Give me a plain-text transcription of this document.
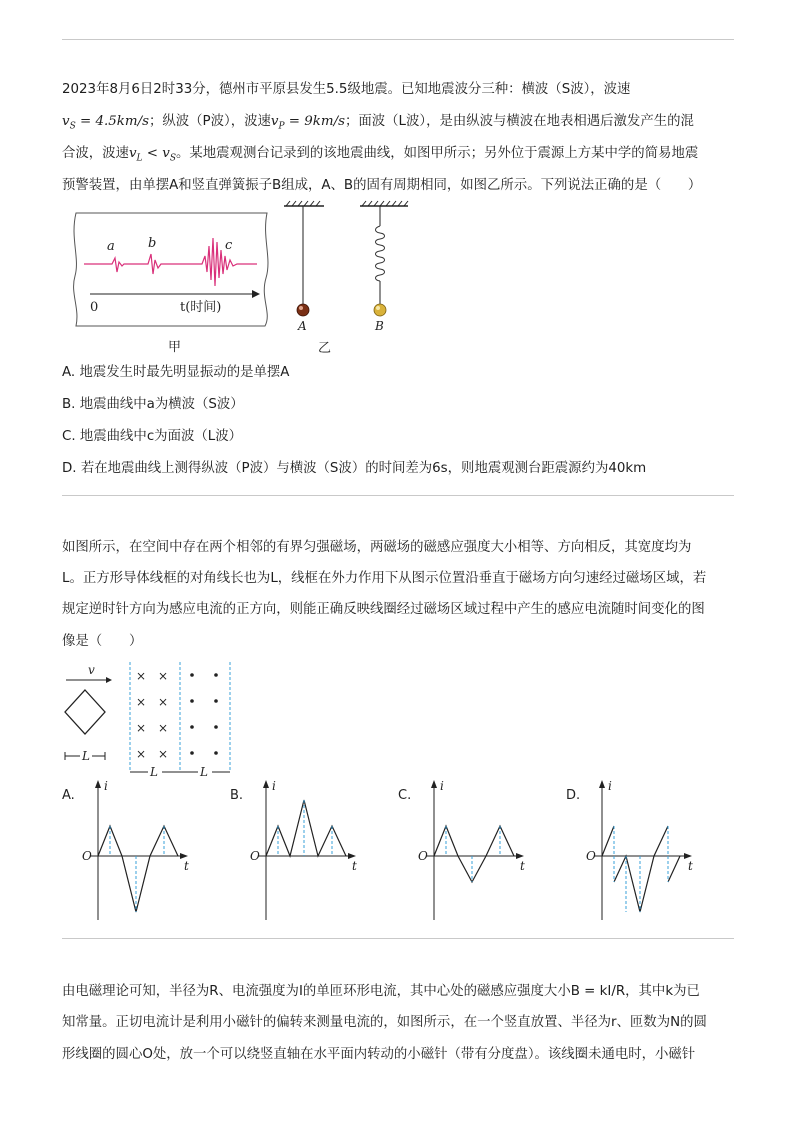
2023年8月6日2时33分，德州市平原县发生5.5级地震。已知地震波分三种：横波（S波），波速
$v_S = 4.5km/s$；纵波（P波），波速$v_P = 9km/s$；面波（L波），是由纵波与横波在地表相遇后激发产生的混
合波，波速$v_L < v_S$。某地震观测台记录到的该地震曲线，如图甲所示；另外位于震源上方某中学的简易地震
预警装置，由单摆A和竖直弹簧振子B组成，A、B的固有周期相同，如图乙所示。下列说法正确的是（　　）
a	b	c
0	t(时间)
甲
A	B
乙
A. 地震发生时最先明显振动的是单摆A
B. 地震曲线中a为横波（S波）
C. 地震曲线中c为面波（L波）
D. 若在地震曲线上测得纵波（P波）与横波（S波）的时间差为6s，则地震观测台距震源约为40km
如图所示，在空间中存在两个相邻的有界匀强磁场，两磁场的磁感应强度大小相等、方向相反，其宽度均为
L。正方形导体线框的对角线长也为L，线框在外力作用下从图示位置沿垂直于磁场方向匀速经过磁场区域，若
规定逆时针方向为感应电流的正方向，则能正确反映线圈经过磁场区域过程中产生的感应电流随时间变化的图
像是（　　）
v
L
× ×
× ×
× ×
× ×
L	L
A.
i
O
t
B.
i
O
t
C.
i
O
t
D.
i
O
t
由电磁理论可知，半径为R、电流强度为I的单匝环形电流，其中心处的磁感应强度大小B = kI/R，其中k为已
知常量。正切电流计是利用小磁针的偏转来测量电流的，如图所示，在一个竖直放置、半径为r、匝数为N的圆
形线圈的圆心O处，放一个可以绕竖直轴在水平面内转动的小磁针（带有分度盘）。该线圈未通电时，小磁针
